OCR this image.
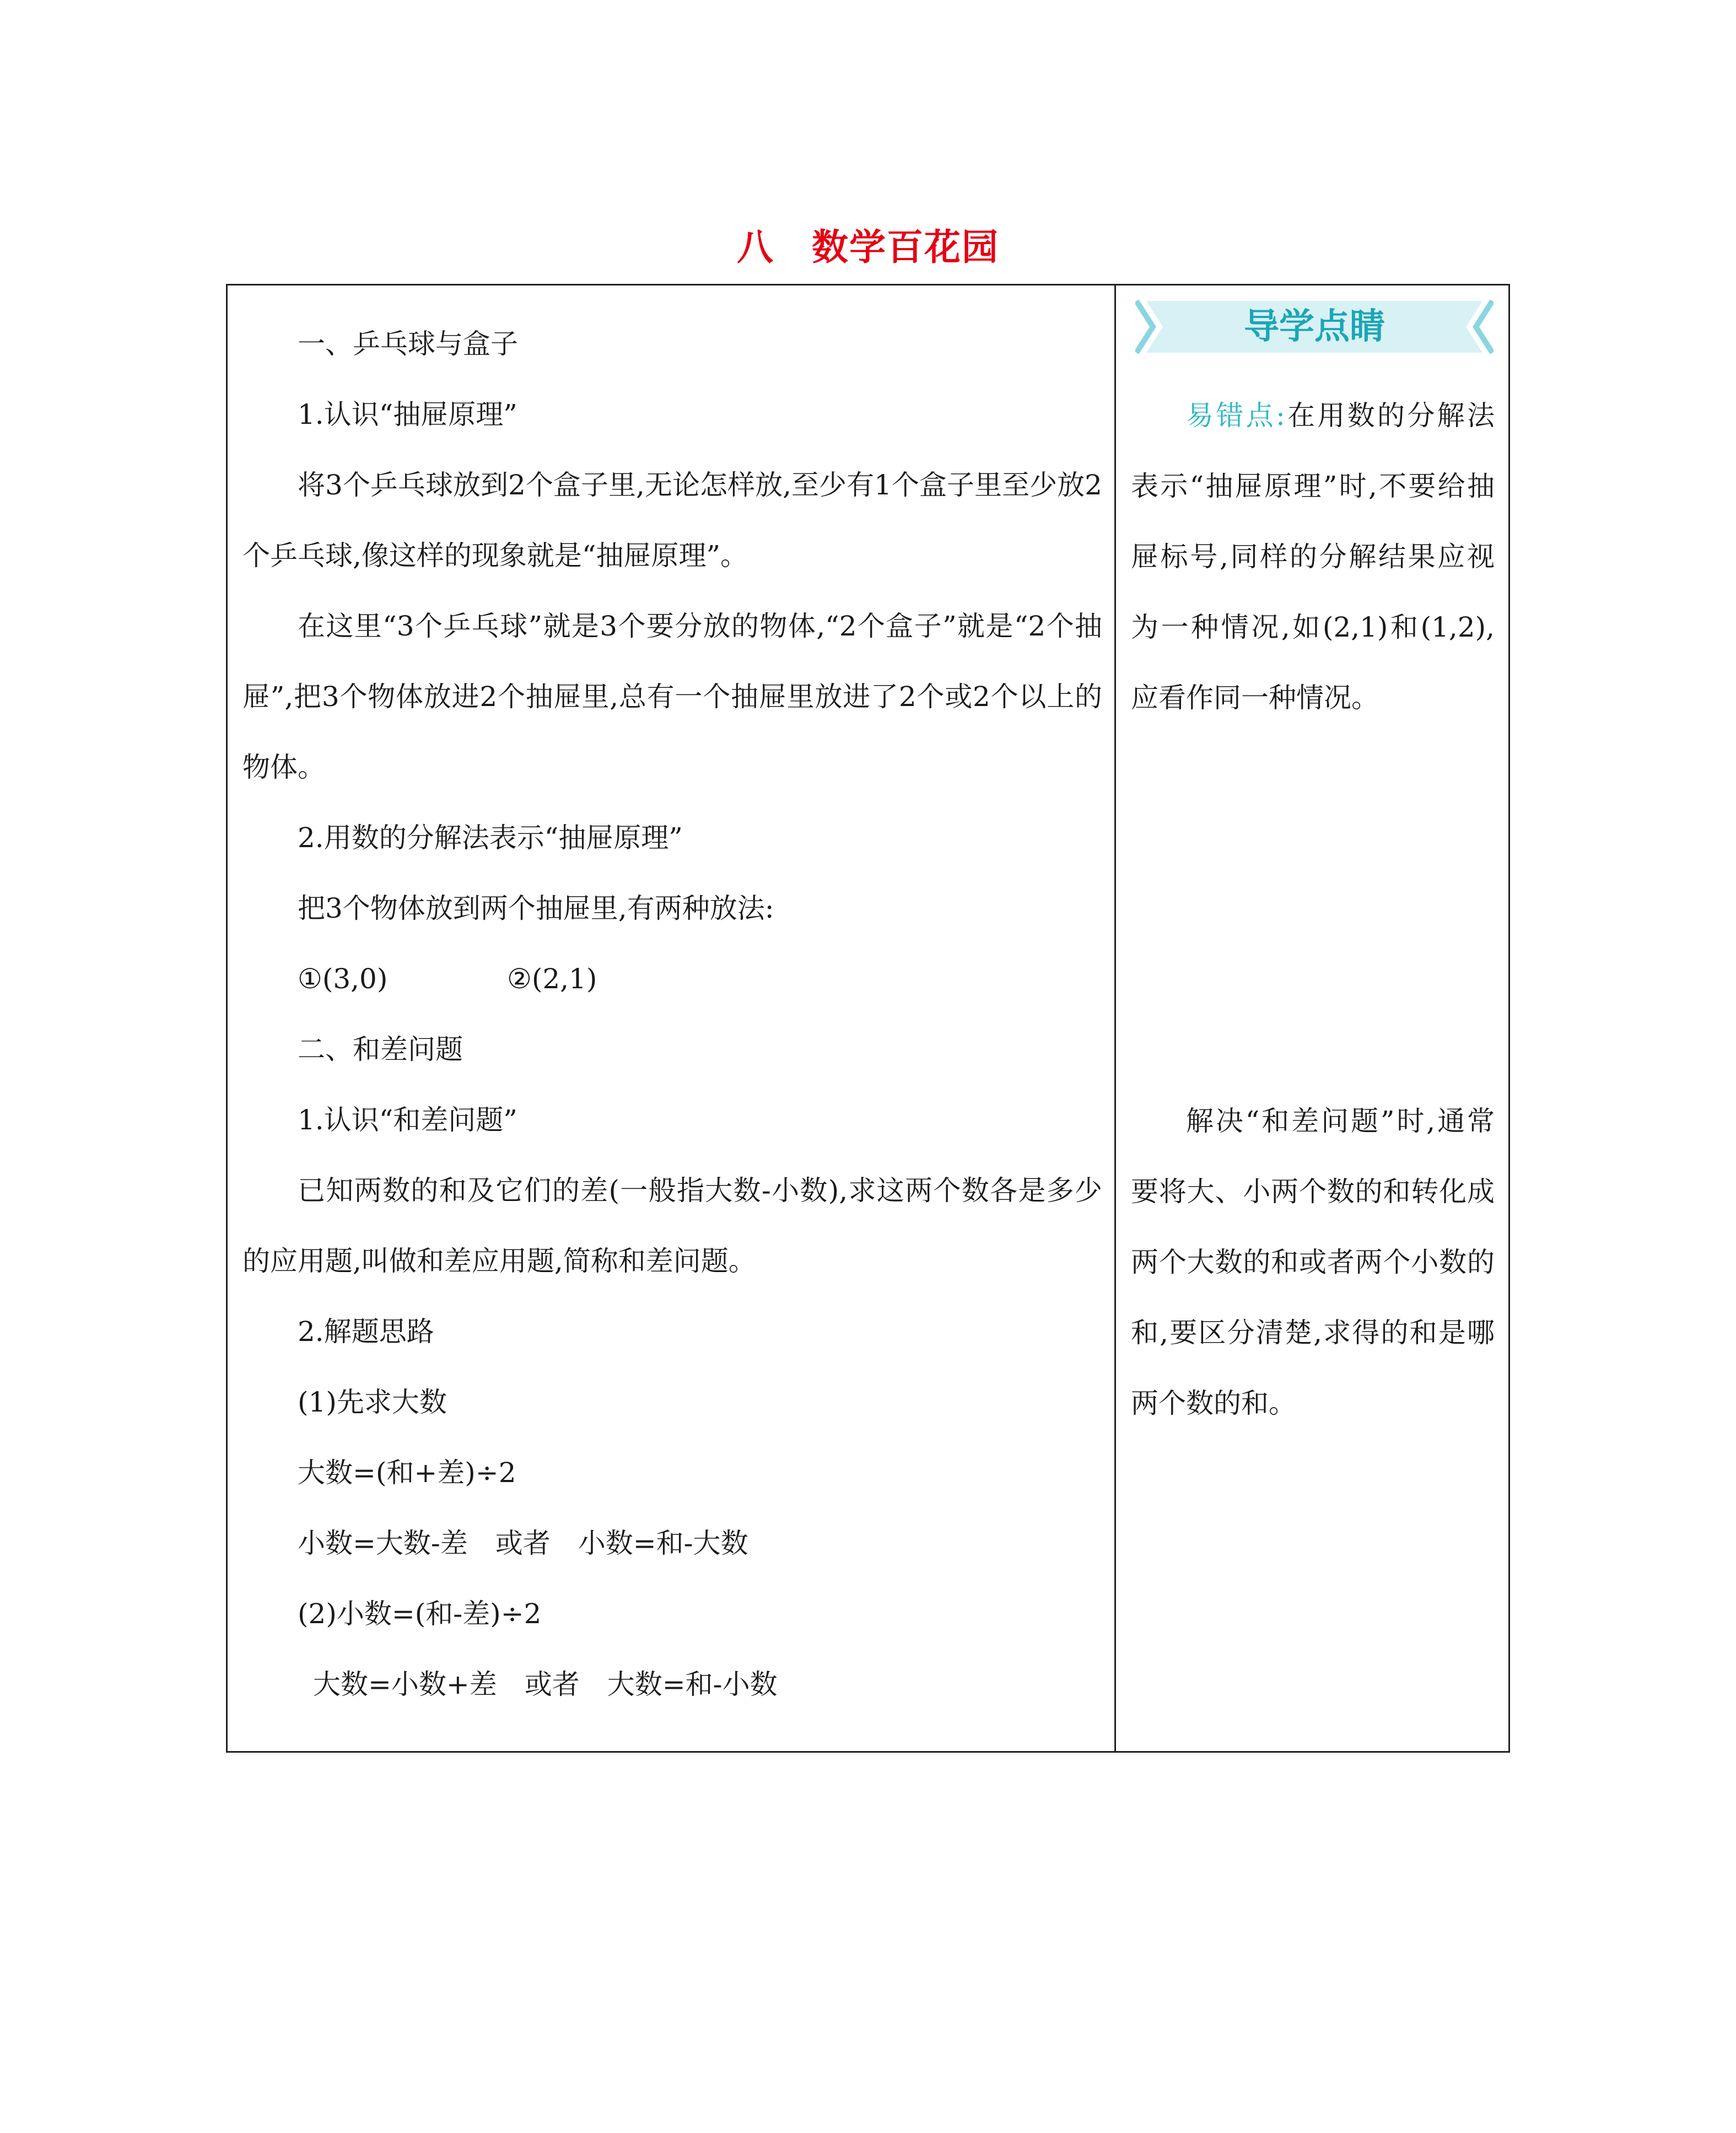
八　数学百花园

一、乒乓球与盒子

1.认识“抽屉原理”

将3个乒乓球放到2个盒子里,无论怎样放,至少有1个盒子里至少放2个乒乓球,像这样的现象就是“抽屉原理”。

在这里“3个乒乓球”就是3个要分放的物体,“2个盒子”就是“2个抽屉”,把3个物体放进2个抽屉里,总有一个抽屉里放进了2个或2个以上的物体。

2.用数的分解法表示“抽屉原理”

把3个物体放到两个抽屉里,有两种放法:

①(3,0)	②(2,1)

二、和差问题

1.认识“和差问题”

已知两数的和及它们的差(一般指大数-小数),求这两个数各是多少的应用题,叫做和差应用题,简称和差问题。

2.解题思路

(1)先求大数

大数=(和+差)÷2

小数=大数-差　或者　小数=和-大数

(2)小数=(和-差)÷2

大数=小数+差　或者　大数=和-小数

导学点睛

易错点:在用数的分解法表示“抽屉原理”时,不要给抽屉标号,同样的分解结果应视为一种情况,如(2,1)和(1,2), 应看作同一种情况。

解决“和差问题”时,通常要将大、小两个数的和转化成两个大数的和或者两个小数的和,要区分清楚,求得的和是哪两个数的和。
